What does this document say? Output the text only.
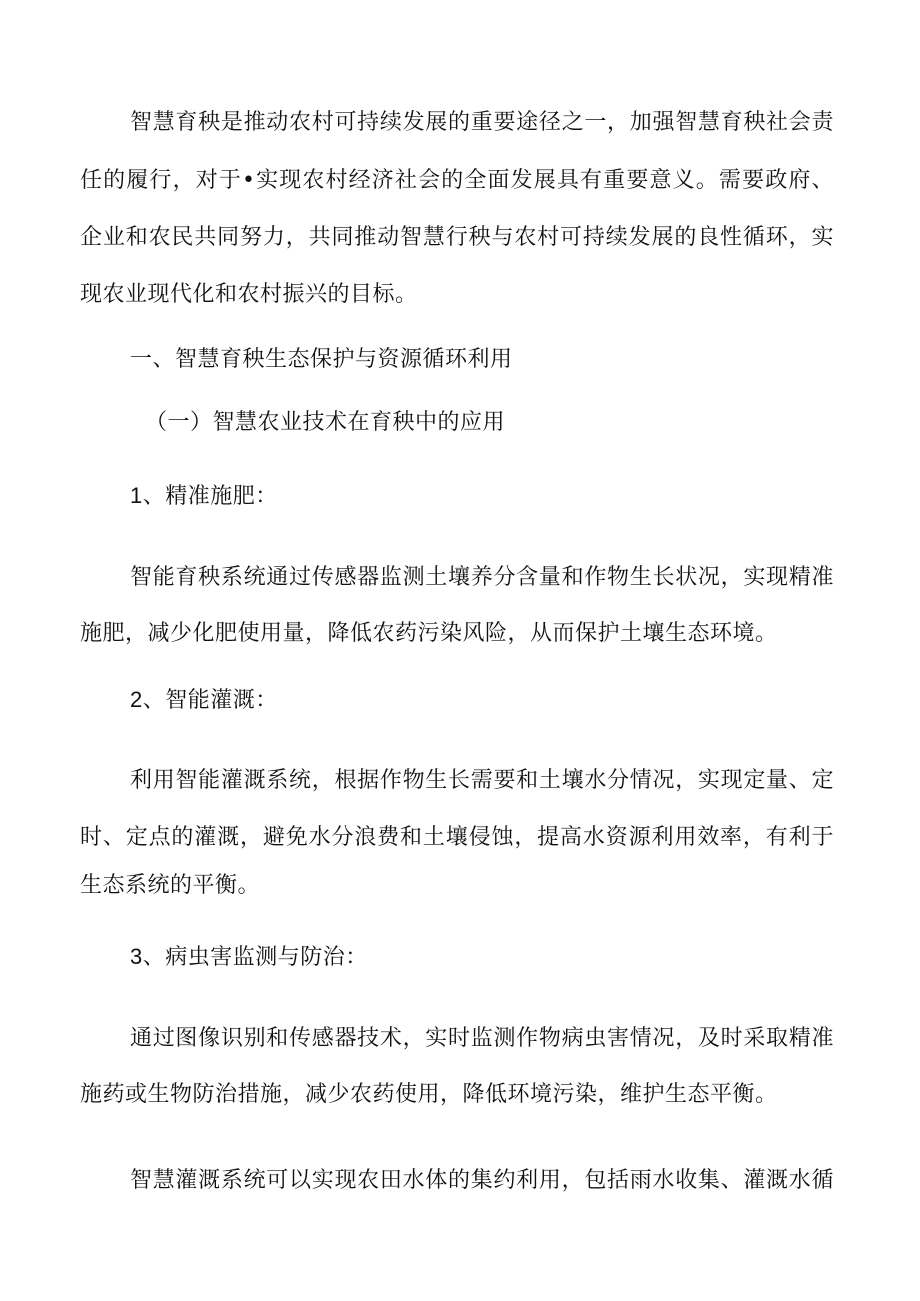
智慧育秧是推动农村可持续发展的重要途径之一，加强智慧育秧社会责

任的履行，对于•实现农村经济社会的全面发展具有重要意义。需要政府、

企业和农民共同努力，共同推动智慧行秧与农村可持续发展的良性循环，实

现农业现代化和农村振兴的目标。

一、智慧育秧生态保护与资源循环利用

（一）智慧农业技术在育秧中的应用

1、精准施肥：

智能育秧系统通过传感器监测土壤养分含量和作物生长状况，实现精准

施肥，减少化肥使用量，降低农药污染风险，从而保护土壤生态环境。

2、智能灌溉：

利用智能灌溉系统，根据作物生长需要和土壤水分情况，实现定量、定

时、定点的灌溉，避免水分浪费和土壤侵蚀，提高水资源利用效率，有利于

生态系统的平衡。

3、病虫害监测与防治：

通过图像识别和传感器技术，实时监测作物病虫害情况，及时采取精准

施药或生物防治措施，减少农药使用，降低环境污染，维护生态平衡。

智慧灌溉系统可以实现农田水体的集约利用，包括雨水收集、灌溉水循
